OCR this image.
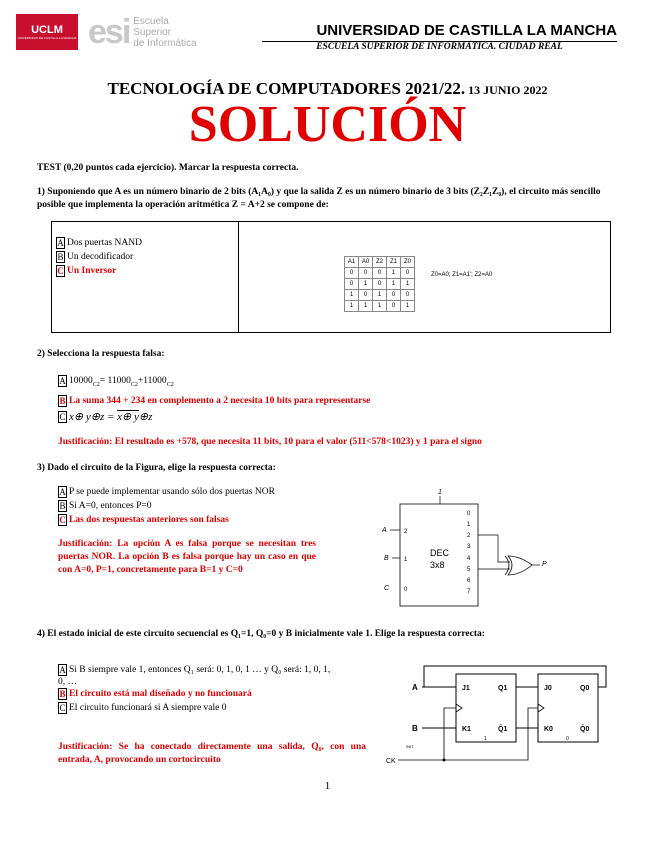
UCLM
UNIVERSIDAD DE CASTILLA-LA MANCHA esi Escuela
Superior
de Informática
UNIVERSIDAD DE CASTILLA LA MANCHA
ESCUELA SUPERIOR DE INFORMÁTICA. CIUDAD REAL
TECNOLOGÍA DE COMPUTADORES 2021/22. 13 JUNIO 2022
SOLUCIÓN
TEST (0,20 puntos cada ejercicio). Marcar la respuesta correcta.
1) Suponiendo que A es un número binario de 2 bits (A₁A₀) y que la salida Z es un número binario de 3 bits (Z₂Z₁Z₀), el circuito más sencillo posible que implementa la operación aritmética Z = A+2 se compone de:
A Dos puertas NAND
B Un decodificador
C Un Inversor
A1	A0	Z2	Z1	Z0
0	0	0	1	0
0	1	0	1	1
1	0	1	0	0
1	1	1	0	1
Z0=A0; Z1=A1'; Z2=A0
2) Selecciona la respuesta falsa:
A $10000_{C2}= 11000_{C2}+11000_{C2}$
B La suma 344 + 234 en complemento a 2 necesita 10 bits para representarse
C x⊕ y⊕z = x⊕ y⊕z
Justificación: El resultado es +578, que necesita 11 bits, 10 para el valor (511<578<1023) y 1 para el signo
3) Dado el circuito de la Figura, elige la respuesta correcta:
A P se puede implementar usando sólo dos puertas NOR
B Si A=0, entonces P=0
C Las dos respuestas anteriores son falsas
Justificación: La opción A es falsa porque se necesitan tres puertas NOR. La opción B es falsa porque hay un caso en que con A=0, P=1, concretamente para B=1 y C=0
1
A	2
B	1
C 0
DEC
3x8
0
1
2
3
4
5
6
7
P
4) El estado inicial de este circuito secuencial es Q₁=1, Q₀=0 y B inicialmente vale 1. Elige la respuesta correcta:
A Si B siempre vale 1, entonces Q₁ será: 0, 1, 0, 1 … y Q₀ será: 1, 0, 1,
0, …
B El circuito está mal diseñado y no funcionará
C El circuito funcionará si A siempre vale 0
Justificación: Se ha conectado directamente una salida, Q₀, con una entrada, A, provocando un cortocircuito
A
B
J1
K1
Q1
Q̄1
1
J0
K0
Q0
Q̄0
0
INIT
CK
1
